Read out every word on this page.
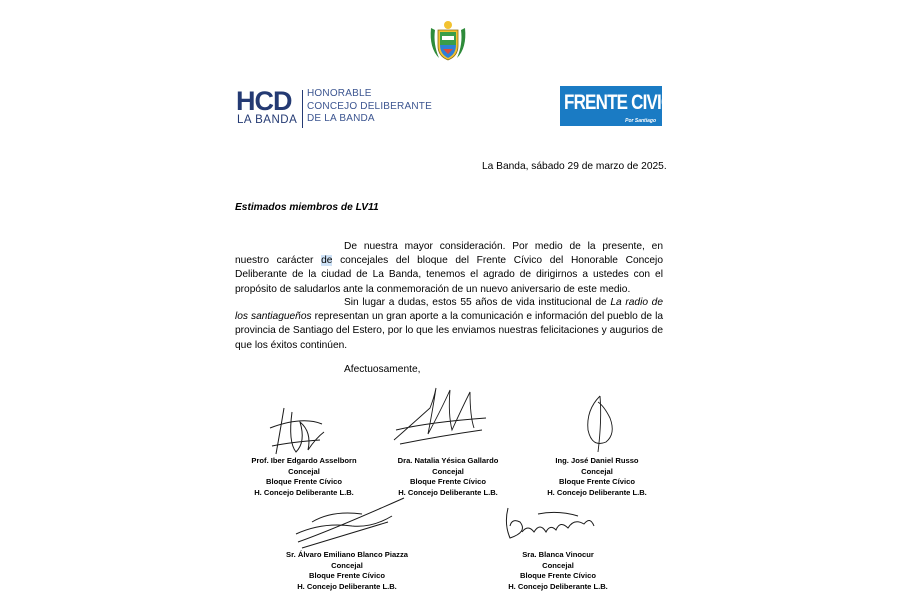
HCD
LA BANDA
HONORABLE
CONCEJO DELIBERANTE
DE LA BANDA
FRENTE CIVICO
Por Santiago
La Banda, sábado 29 de marzo de 2025.
Estimados miembros de LV11
De nuestra mayor consideración. Por medio de la presente, en nuestro carácter de concejales del bloque del Frente Cívico del Honorable Concejo Deliberante de la ciudad de La Banda, tenemos el agrado de dirigirnos a ustedes con el propósito de saludarlos ante la conmemoración de un nuevo aniversario de este medio.
Sin lugar a dudas, estos 55 años de vida institucional de La radio de los santiagueños representan un gran aporte a la comunicación e información del pueblo de la provincia de Santiago del Estero, por lo que les enviamos nuestras felicitaciones y augurios de que los éxitos continúen.
Afectuosamente,
Prof. Iber Edgardo Asselborn
Concejal
Bloque Frente Cívico
H. Concejo Deliberante L.B.
Dra. Natalia Yésica Gallardo
Concejal
Bloque Frente Cívico
H. Concejo Deliberante L.B.
Ing. José Daniel Russo
Concejal
Bloque Frente Cívico
H. Concejo Deliberante L.B.
Sr. Álvaro Emiliano Blanco Piazza
Concejal
Bloque Frente Cívico
H. Concejo Deliberante L.B.
Sra. Blanca Vinocur
Concejal
Bloque Frente Cívico
H. Concejo Deliberante L.B.
